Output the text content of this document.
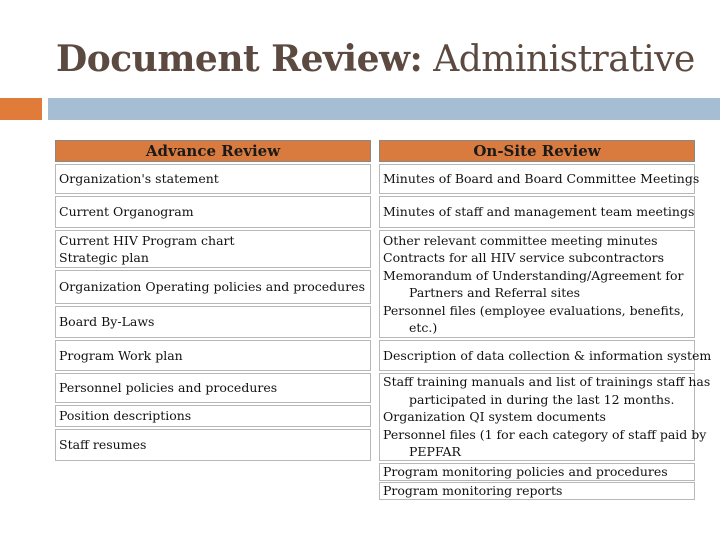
Document Review: Administrative
Advance Review
Organization's statement
Current Organogram
Current HIV Program chart
Strategic plan
Organization Operating policies and procedures
Board By-Laws
Program Work plan
Personnel policies and procedures
Position descriptions
Staff resumes
On-Site Review
Minutes of Board and Board Committee Meetings
Minutes of staff and management team meetings
Other relevant committee meeting minutes
Contracts for all HIV service subcontractors
Memorandum of Understanding/Agreement for
Partners and Referral sites
Personnel files (employee evaluations, benefits,
etc.)
Description of data collection & information system
Staff training manuals and list of trainings staff has
participated in during the last 12 months.
Organization QI system documents
Personnel files (1 for each category of staff paid by
PEPFAR
Program monitoring policies and procedures
Program monitoring reports
